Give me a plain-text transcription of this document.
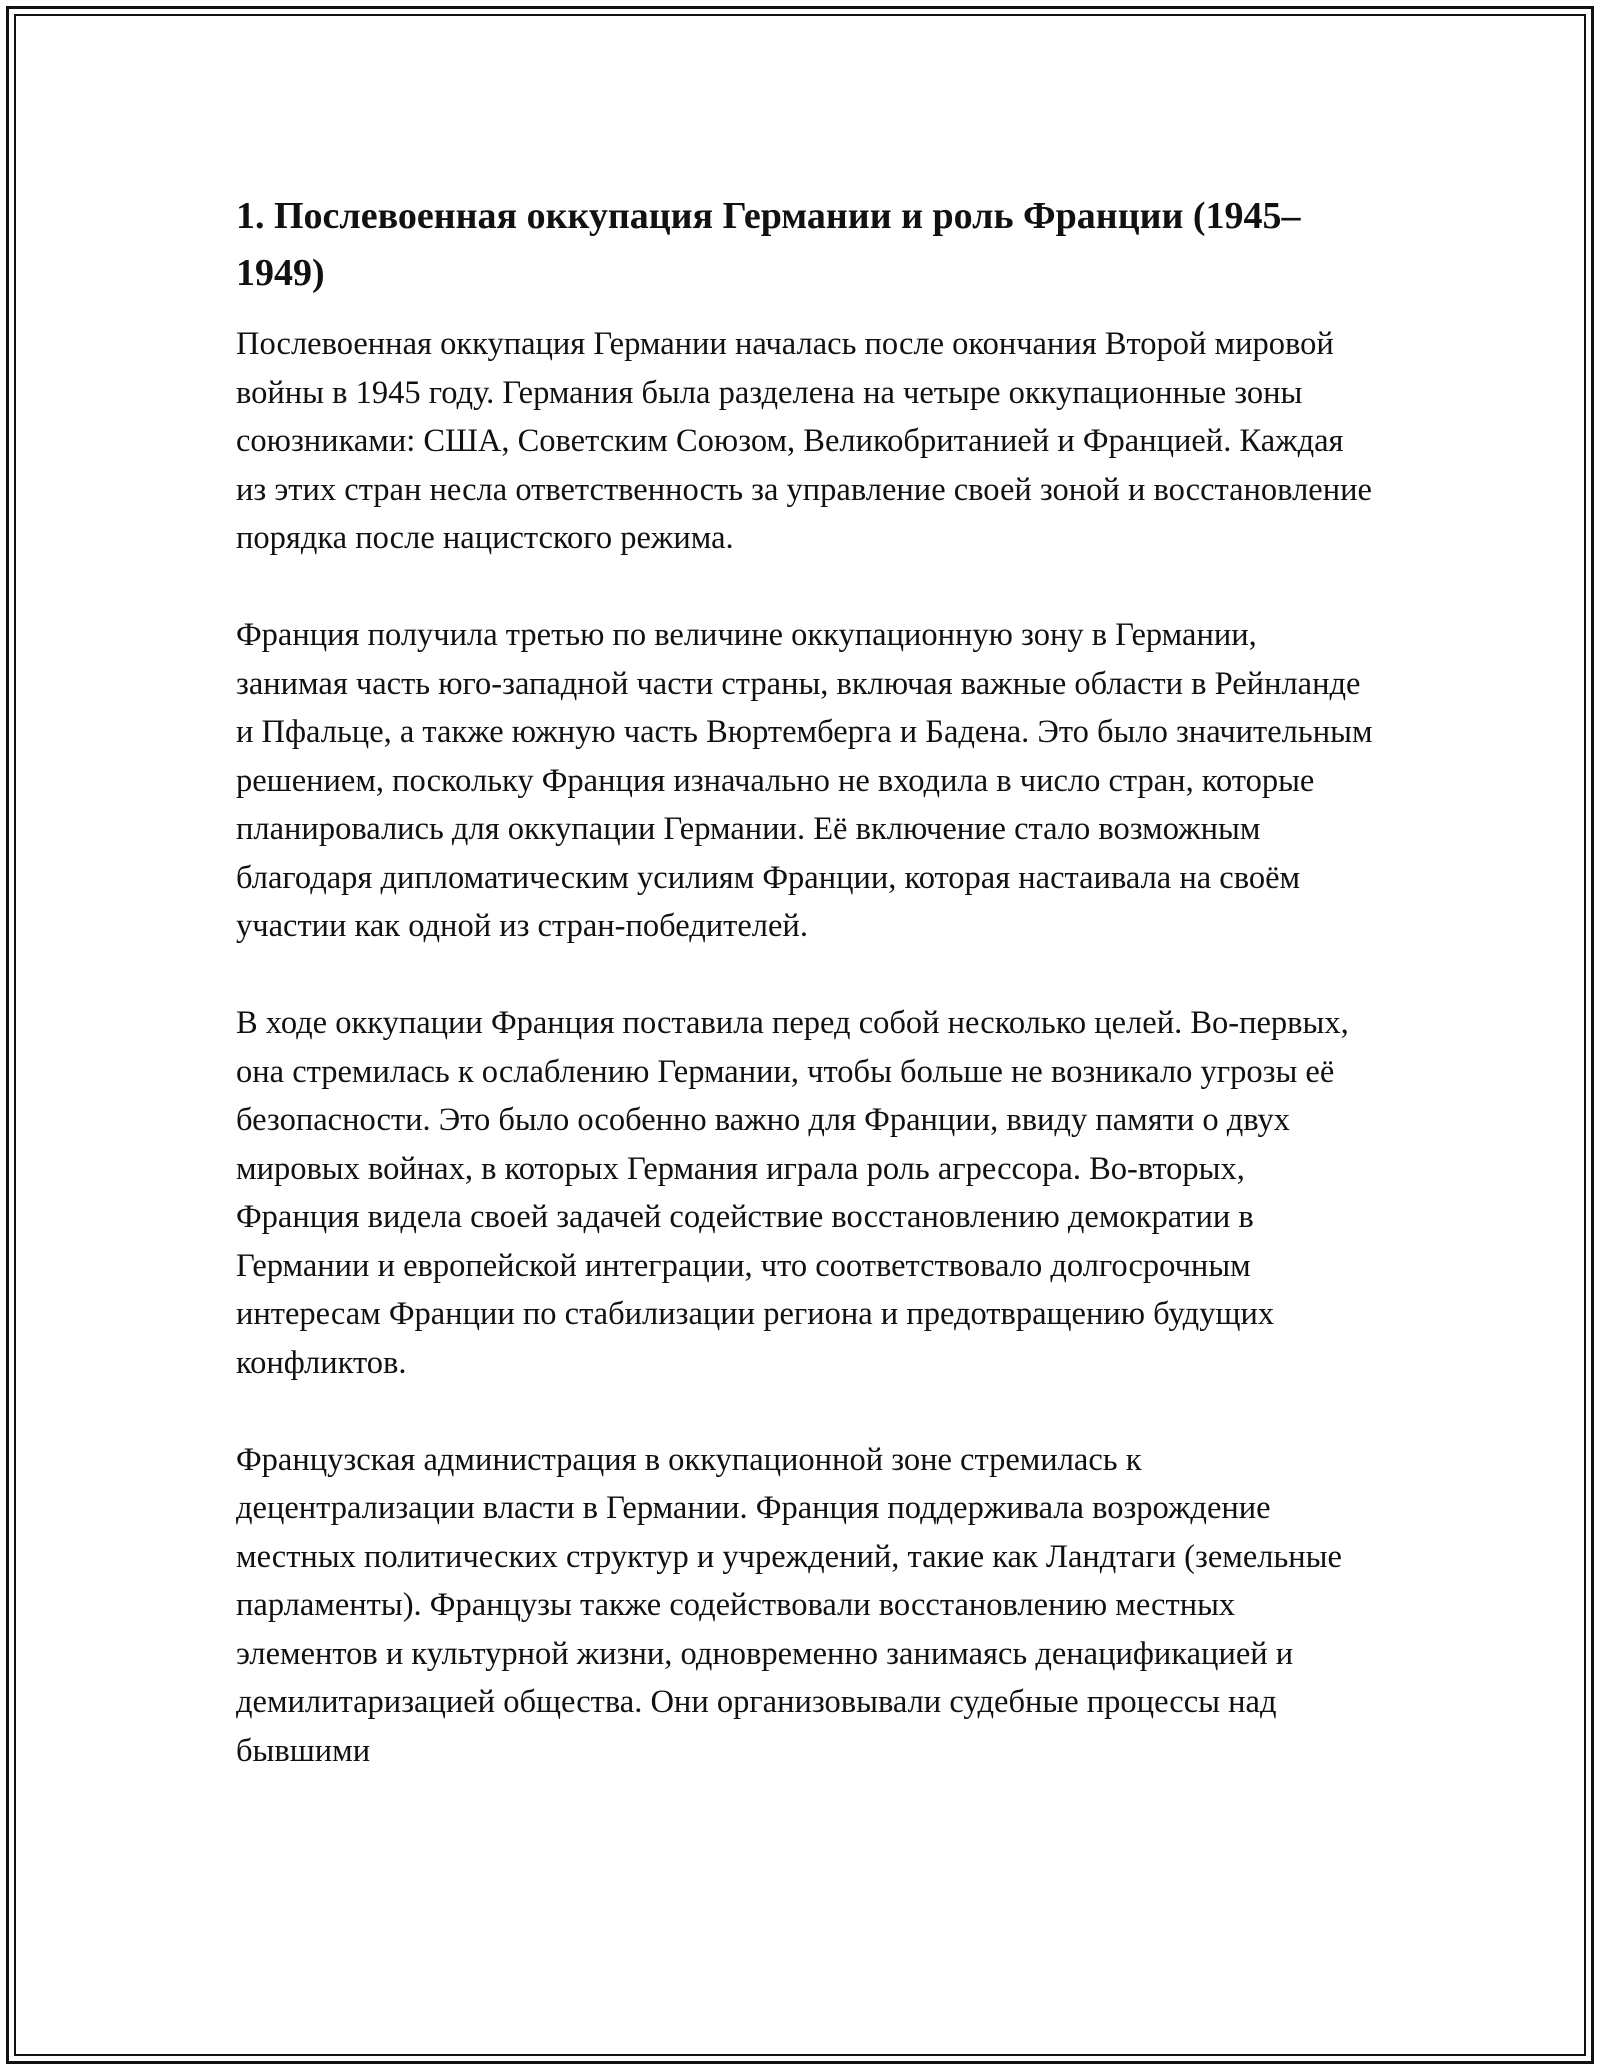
1. Послевоенная оккупация Германии и роль Франции (1945–1949)

Послевоенная оккупация Германии началась после окончания Второй мировой войны в 1945 году. Германия была разделена на четыре оккупационные зоны союзниками: США, Советским Союзом, Великобританией и Францией. Каждая из этих стран несла ответственность за управление своей зоной и восстановление порядка после нацистского режима.

Франция получила третью по величине оккупационную зону в Германии, занимая часть юго-западной части страны, включая важные области в Рейнланде и Пфальце, а также южную часть Вюртемберга и Бадена. Это было значительным решением, поскольку Франция изначально не входила в число стран, которые планировались для оккупации Германии. Её включение стало возможным благодаря дипломатическим усилиям Франции, которая настаивала на своём участии как одной из стран-победителей.

В ходе оккупации Франция поставила перед собой несколько целей. Во-первых, она стремилась к ослаблению Германии, чтобы больше не возникало угрозы её безопасности. Это было особенно важно для Франции, ввиду памяти о двух мировых войнах, в которых Германия играла роль агрессора. Во-вторых, Франция видела своей задачей содействие восстановлению демократии в Германии и европейской интеграции, что соответствовало долгосрочным интересам Франции по стабилизации региона и предотвращению будущих конфликтов.

Французская администрация в оккупационной зоне стремилась к децентрализации власти в Германии. Франция поддерживала возрождение местных политических структур и учреждений, такие как Ландтаги (земельные парламенты). Французы также содействовали восстановлению местных элементов и культурной жизни, одновременно занимаясь денацификацией и демилитаризацией общества. Они организовывали судебные процессы над бывшими
